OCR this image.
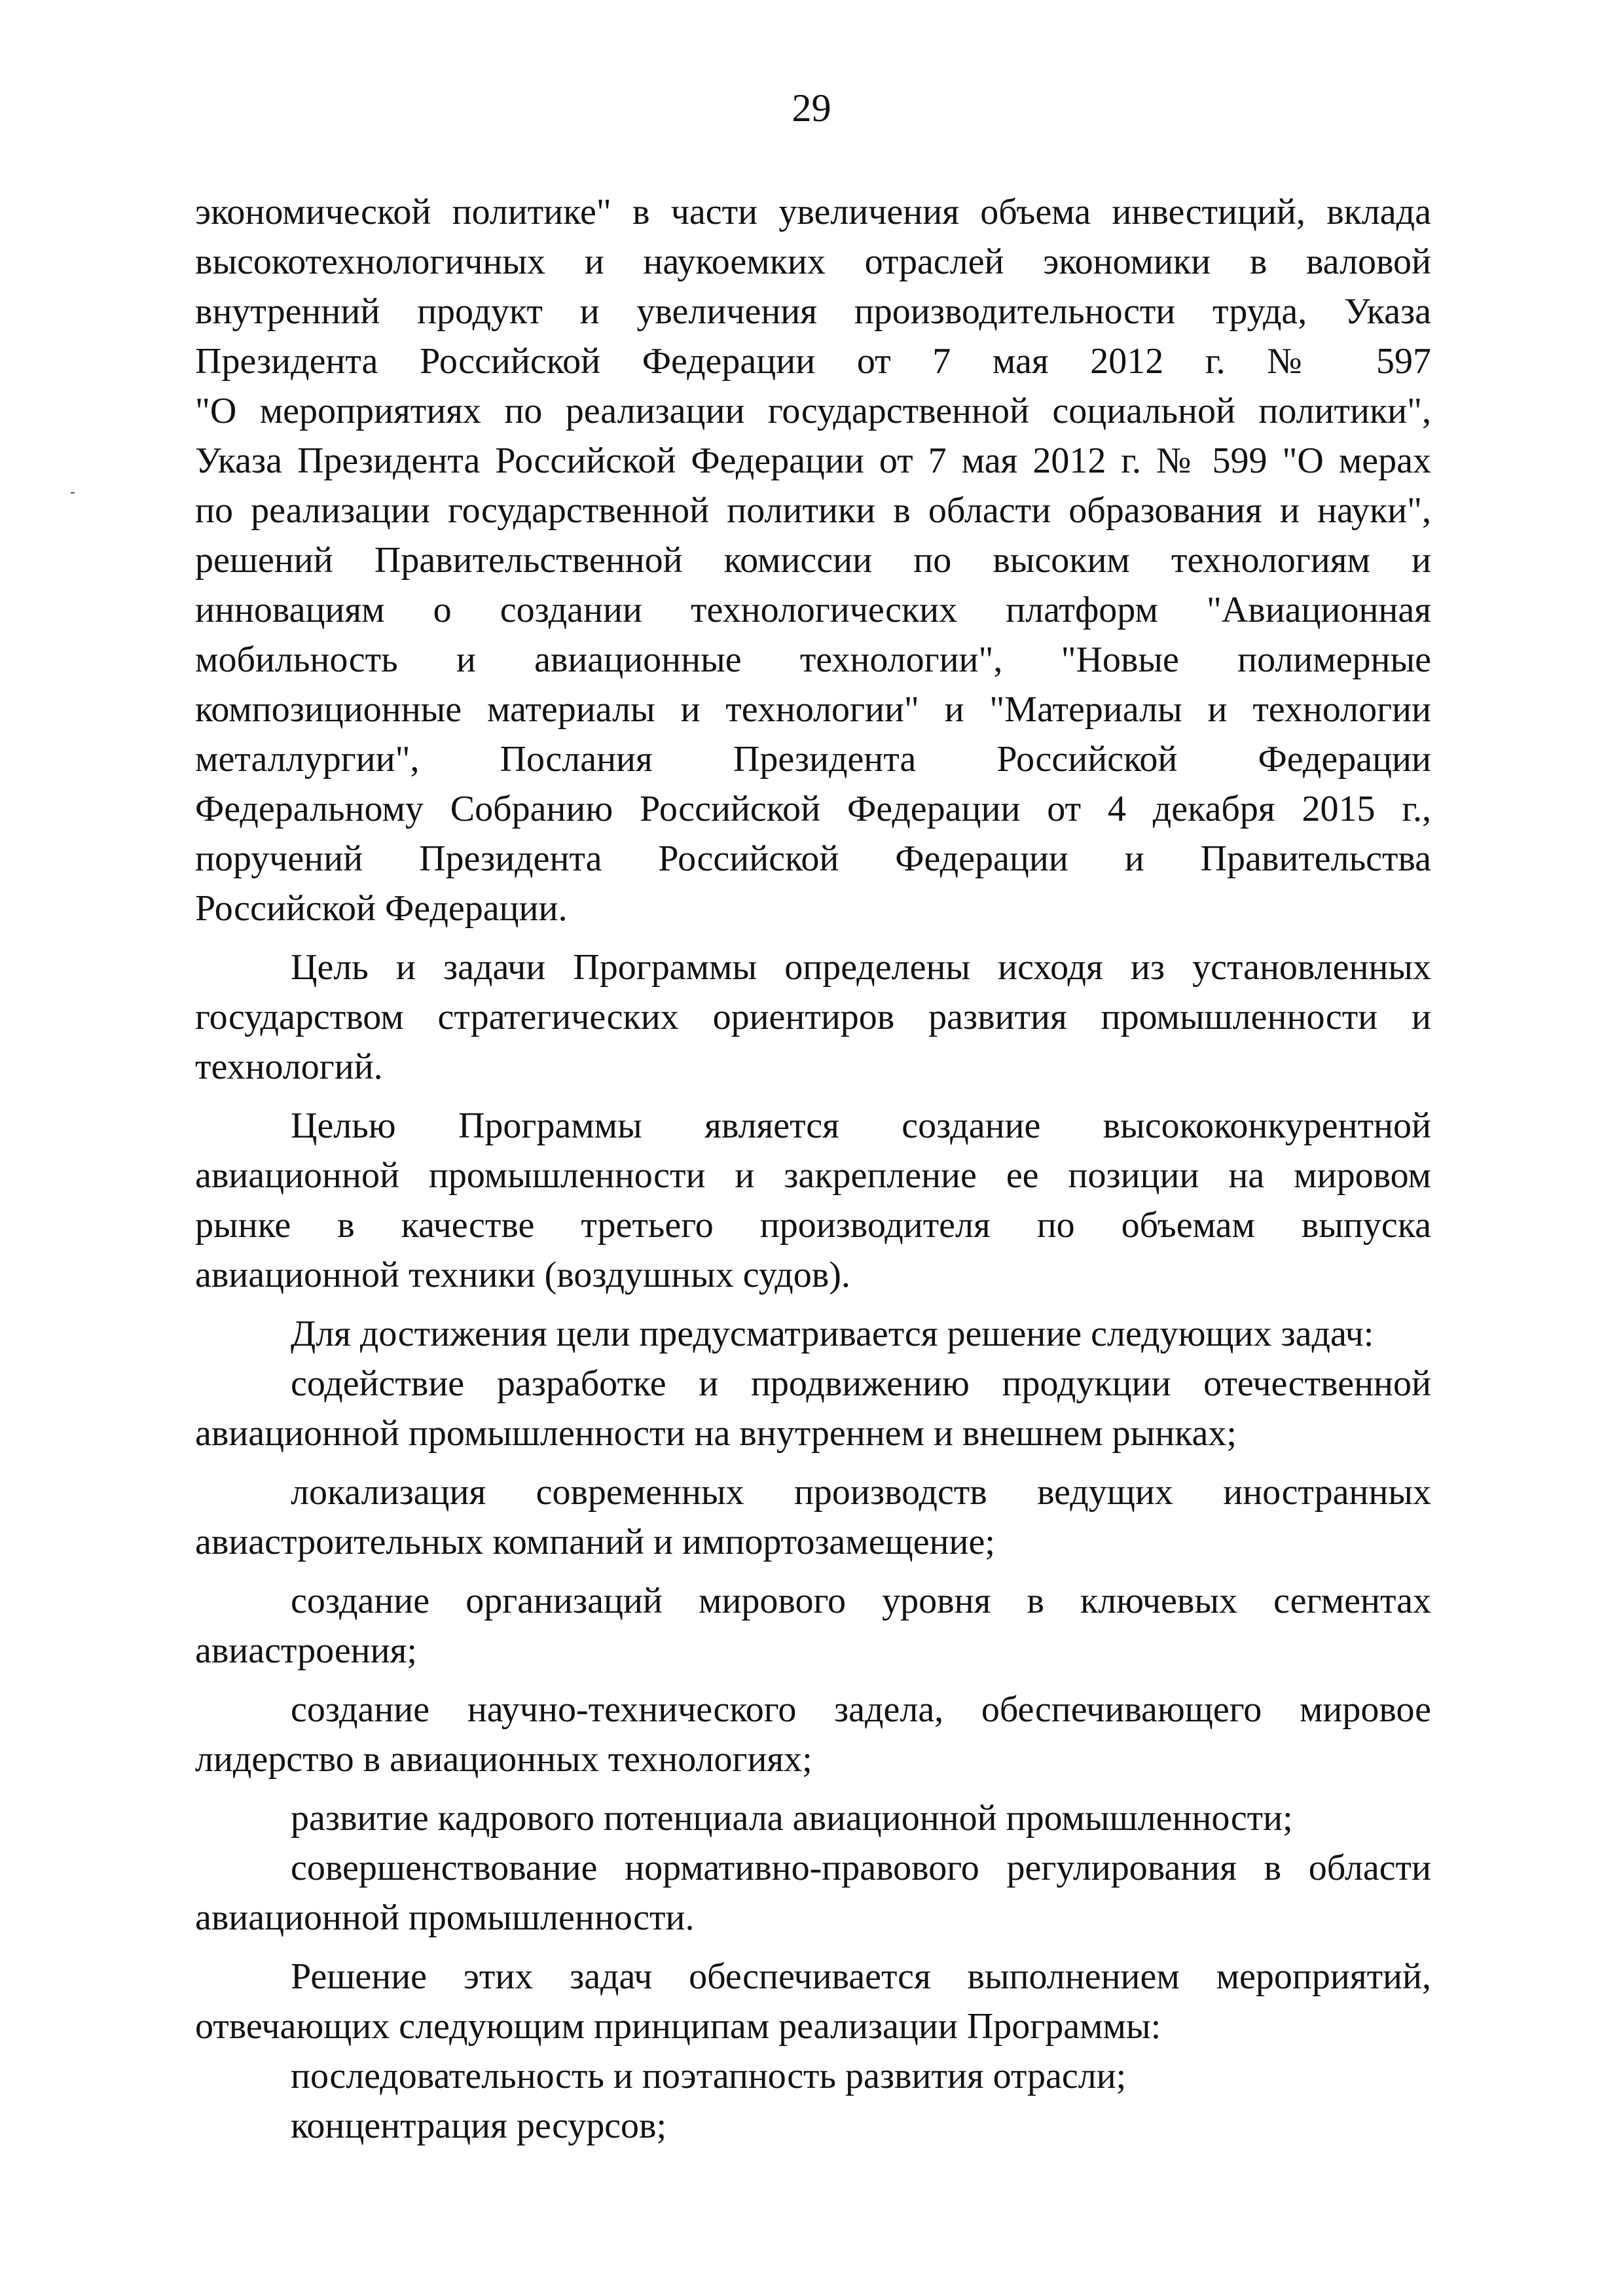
29
экономической политике" в части увеличения объема инвестиций, вклада
высокотехнологичных и наукоемких отраслей экономики в валовой
внутренний продукт и увеличения производительности труда, Указа
Президента Российской Федерации от 7 мая 2012 г. № 597
"О мероприятиях по реализации государственной социальной политики",
Указа Президента Российской Федерации от 7 мая 2012 г. № 599 "О мерах
по реализации государственной политики в области образования и науки",
решений Правительственной комиссии по высоким технологиям и
инновациям о создании технологических платформ "Авиационная
мобильность и авиационные технологии", "Новые полимерные
композиционные материалы и технологии" и "Материалы и технологии
металлургии", Послания Президента Российской Федерации
Федеральному Собранию Российской Федерации от 4 декабря 2015 г.,
поручений Президента Российской Федерации и Правительства
Российской Федерации.
Цель и задачи Программы определены исходя из установленных
государством стратегических ориентиров развития промышленности и
технологий.
Целью Программы является создание высококонкурентной
авиационной промышленности и закрепление ее позиции на мировом
рынке в качестве третьего производителя по объемам выпуска
авиационной техники (воздушных судов).
Для достижения цели предусматривается решение следующих задач:
содействие разработке и продвижению продукции отечественной
авиационной промышленности на внутреннем и внешнем рынках;
локализация современных производств ведущих иностранных
авиастроительных компаний и импортозамещение;
создание организаций мирового уровня в ключевых сегментах
авиастроения;
создание научно-технического задела, обеспечивающего мировое
лидерство в авиационных технологиях;
развитие кадрового потенциала авиационной промышленности;
совершенствование нормативно-правового регулирования в области
авиационной промышленности.
Решение этих задач обеспечивается выполнением мероприятий,
отвечающих следующим принципам реализации Программы:
последовательность и поэтапность развития отрасли;
концентрация ресурсов;
